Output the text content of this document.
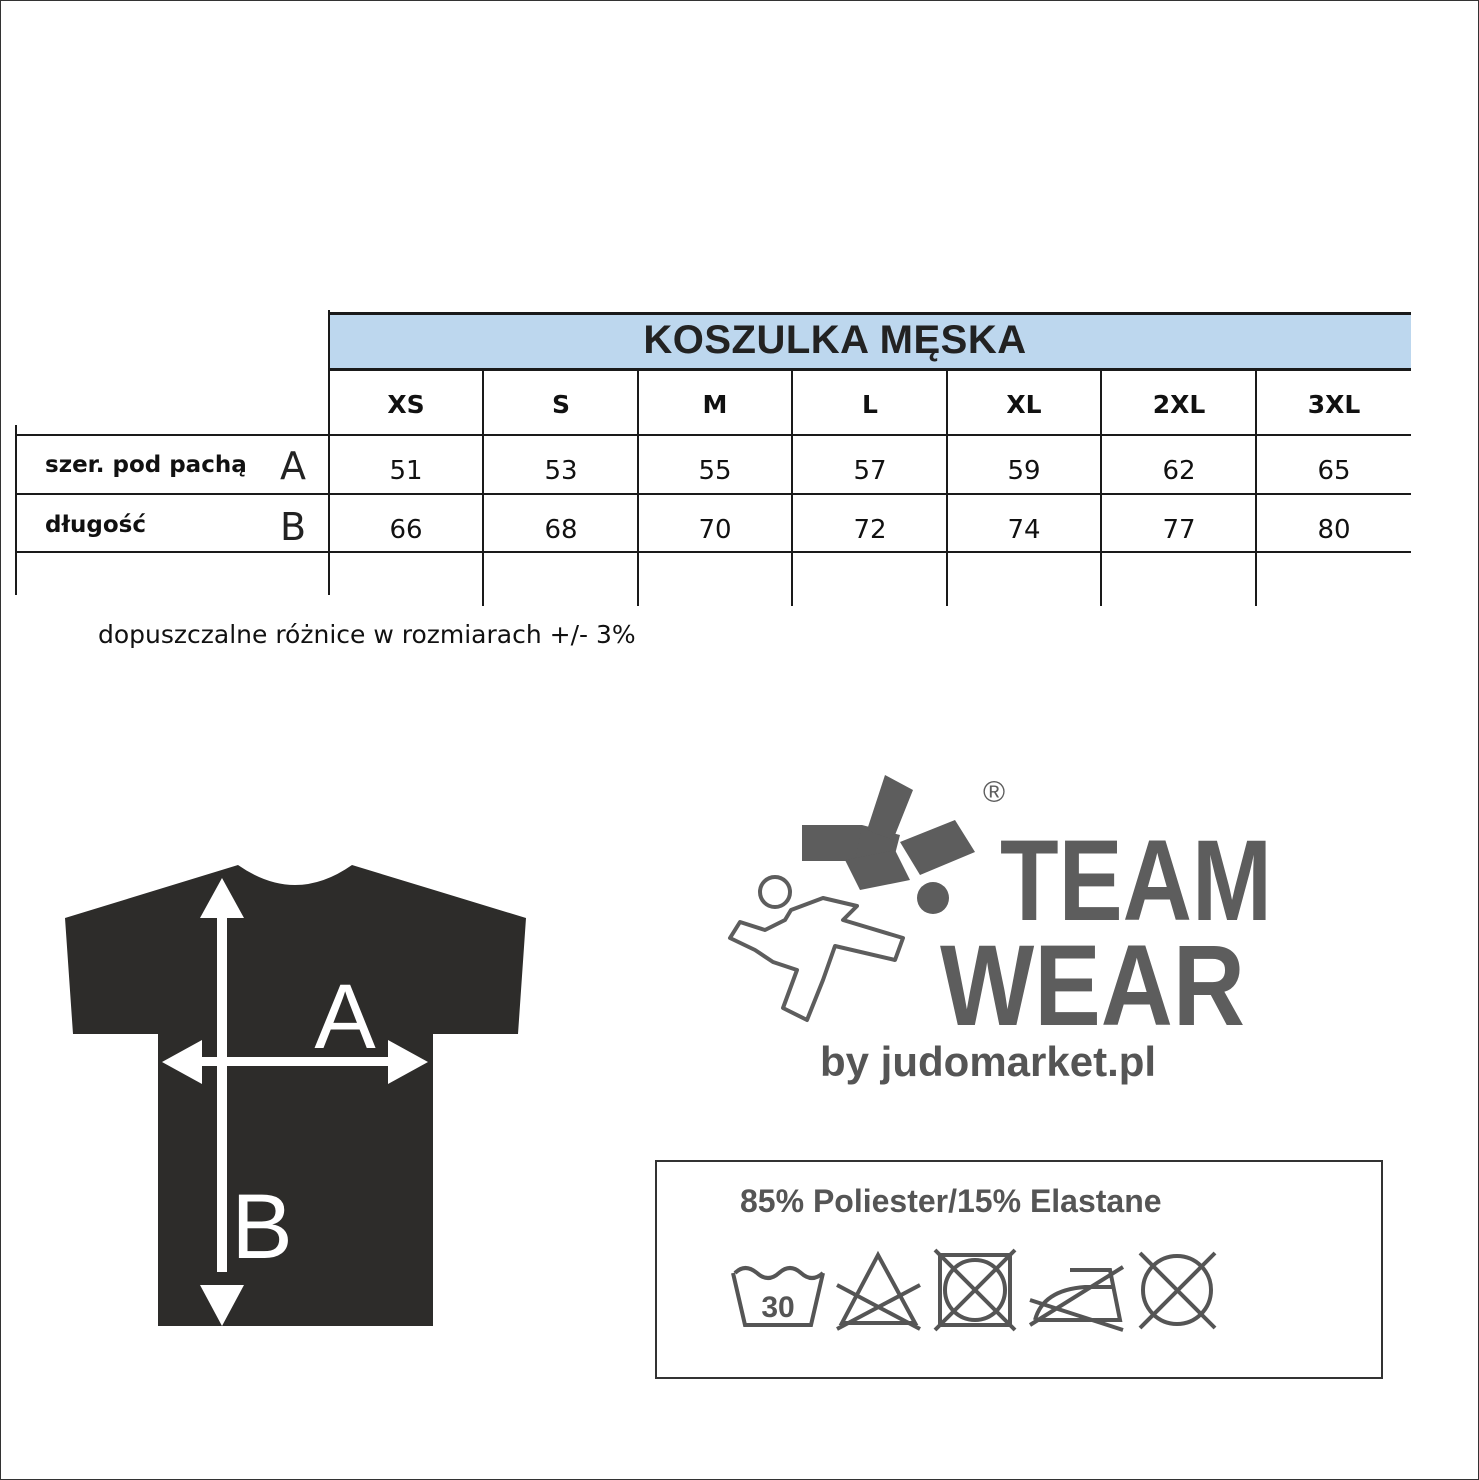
KOSZULKA MĘSKA
XS	S	M	L	XL	2XL	3XL
szer. pod pachą A	51	53	55	57	59	62	65
długość	B	66	68	70	72	74	77	80
dopuszczalne różnice w rozmiarach +/- 3%
A
B
®
TEAM
WEAR
by judomarket.pl
85% Poliester/15% Elastane
30
